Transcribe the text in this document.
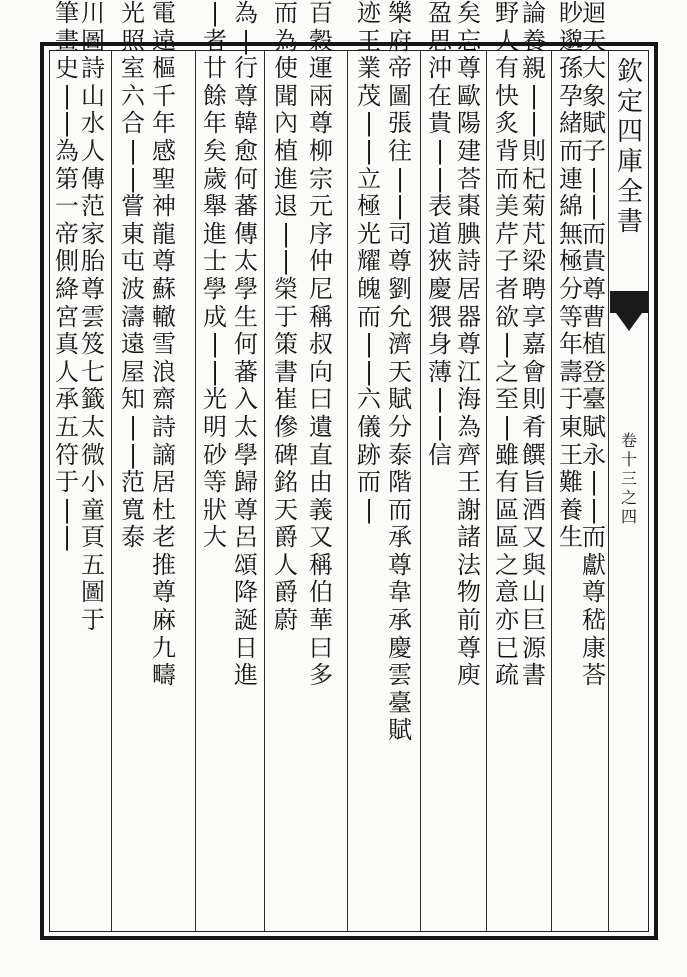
欽
定
四
庫
全
書
卷
十
三
之
四
迴
天
大
象
賦
子
|
|
而
貴
尊
曹
植
登
臺
賦
永
|
|
而
獻
尊
嵇
康
荅
眇
邈
孫
孕
緒
而
連
綿
無
極
分
等
年
壽
于
東
王
難
養
生
論
養
親
|
|
則
杞
菊
芃
梁
聘
享
嘉
會
則
肴
饌
旨
酒
又
與
山
巨
源
書
野
人
有
快
炙
背
而
美
芹
子
者
欲
|
之
至
|
雖
有
區
區
之
意
亦
已
疏
矣
忘
尊
歐
陽
建
荅
棗
腆
詩
居
器
尊
江
海
為
齊
王
謝
諸
法
物
前
尊
庾
盈
思
沖
在
貴
|
|
表
道
狹
慶
猥
身
薄
|
|
信
樂
府
帝
圖
張
往
|
|
司
尊
劉
允
濟
天
賦
分
泰
階
而
承
尊
韋
承
慶
雲
臺
賦
迹
王
業
茂
|
|
立
極
光
耀
魄
而
|
|
六
儀
跡
而
|
百
穀
運
兩
尊
柳
宗
元
序
仲
尼
稱
叔
向
曰
遺
直
由
義
又
稱
伯
華
曰
多
而
為
使
聞
內
植
進
退
|
|
榮
于
策
書
崔
傪
碑
銘
天
爵
人
爵
蔚
為
|
行
尊
韓
愈
何
蕃
傳
太
學
生
何
蕃
入
太
學
歸
尊
呂
頌
降
誕
日
進
|
者
廿
餘
年
矣
歲
舉
進
士
學
成
|
|
光
明
砂
等
狀
大
電
遠
樞
千
年
感
聖
神
龍
尊
蘇
轍
雪
浪
齋
詩
謫
居
杜
老
推
尊
麻
九
疇
光
照
室
六
合
|
|
嘗
東
屯
波
濤
遠
屋
知
|
|
范
寬
泰
川
圖
詩
山
水
人
傳
范
家
胎
尊
雲
笈
七
籤
太
微
小
童
頁
五
圖
于
筆
畫
史
|
|
為
第
一
帝
側
絳
宮
真
人
承
五
符
于
|
|
